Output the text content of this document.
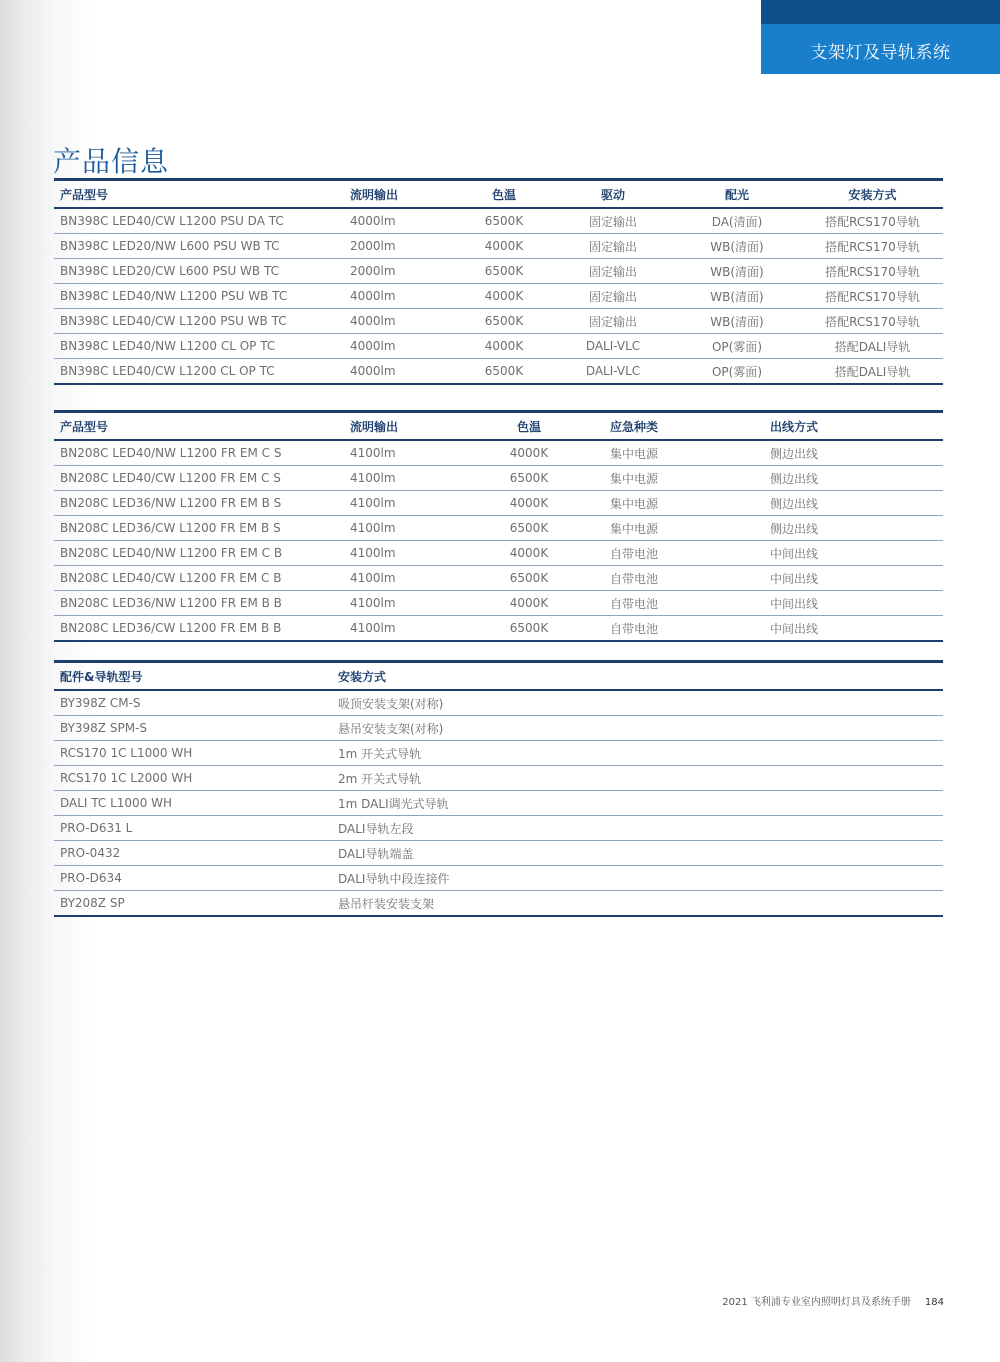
支架灯及导轨系统
产品信息
产品型号	流明输出	色温	驱动	配光	安装方式
BN398C LED40/CW L1200 PSU DA TC	4000lm	6500K	固定输出	DA(清面)	搭配RCS170导轨
BN398C LED20/NW L600 PSU WB TC	2000lm	4000K	固定输出	WB(清面)	搭配RCS170导轨
BN398C LED20/CW L600 PSU WB TC	2000lm	6500K	固定输出	WB(清面)	搭配RCS170导轨
BN398C LED40/NW L1200 PSU WB TC	4000lm	4000K	固定输出	WB(清面)	搭配RCS170导轨
BN398C LED40/CW L1200 PSU WB TC	4000lm	6500K	固定输出	WB(清面)	搭配RCS170导轨
BN398C LED40/NW L1200 CL OP TC	4000lm	4000K	DALI-VLC	OP(雾面)	搭配DALI导轨
BN398C LED40/CW L1200 CL OP TC	4000lm	6500K	DALI-VLC	OP(雾面)	搭配DALI导轨
产品型号	流明输出	色温	应急种类	出线方式
BN208C LED40/NW L1200 FR EM C S	4100lm	4000K	集中电源	侧边出线
BN208C LED40/CW L1200 FR EM C S	4100lm	6500K	集中电源	侧边出线
BN208C LED36/NW L1200 FR EM B S	4100lm	4000K	集中电源	侧边出线
BN208C LED36/CW L1200 FR EM B S	4100lm	6500K	集中电源	侧边出线
BN208C LED40/NW L1200 FR EM C B	4100lm	4000K	自带电池	中间出线
BN208C LED40/CW L1200 FR EM C B	4100lm	6500K	自带电池	中间出线
BN208C LED36/NW L1200 FR EM B B	4100lm	4000K	自带电池	中间出线
BN208C LED36/CW L1200 FR EM B B	4100lm	6500K	自带电池	中间出线
配件&导轨型号	安装方式
BY398Z CM-S	吸顶安装支架(对称)
BY398Z SPM-S	悬吊安装支架(对称)
RCS170 1C L1000 WH	1m 开关式导轨
RCS170 1C L2000 WH	2m 开关式导轨
DALI TC L1000 WH	1m DALI调光式导轨
PRO-D631 L	DALI导轨左段
PRO-0432	DALI导轨端盖
PRO-D634	DALI导轨中段连接件
BY208Z SP	悬吊杆装安装支架
2021 飞利浦专业室内照明灯具及系统手册 184
